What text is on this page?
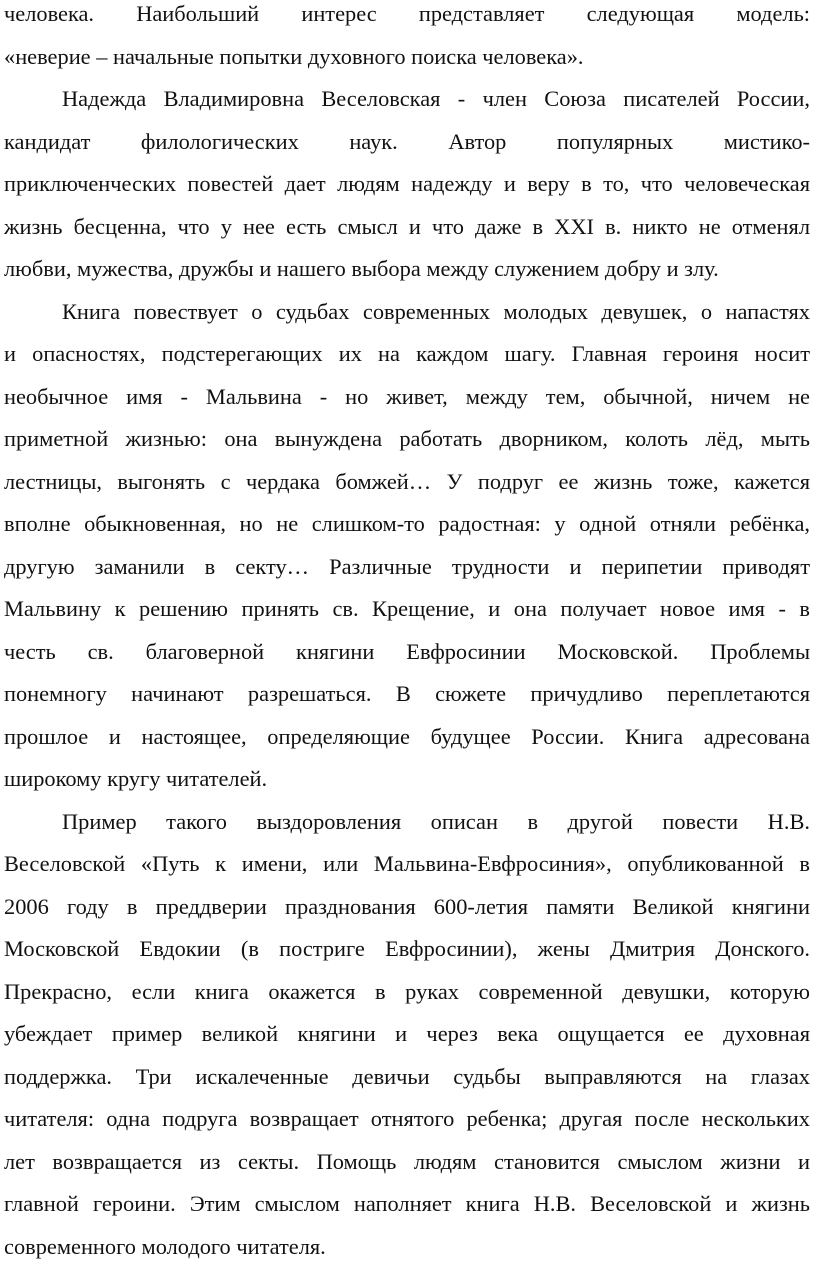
человека. Наибольший интерес представляет следующая модель:
«неверие – начальные попытки духовного поиска человека».
Надежда Владимировна Веселовская - член Союза писателей России,
кандидат филологических наук. Автор популярных мистико-
приключенческих повестей дает людям надежду и веру в то, что человеческая
жизнь бесценна, что у нее есть смысл и что даже в XXI в. никто не отменял
любви, мужества, дружбы и нашего выбора между служением добру и злу.
Книга повествует о судьбах современных молодых девушек, о напастях
и опасностях, подстерегающих их на каждом шагу. Главная героиня носит
необычное имя - Мальвина - но живет, между тем, обычной, ничем не
приметной жизнью: она вынуждена работать дворником, колоть лёд, мыть
лестницы, выгонять с чердака бомжей… У подруг ее жизнь тоже, кажется
вполне обыкновенная, но не слишком-то радостная: у одной отняли ребёнка,
другую заманили в секту… Различные трудности и перипетии приводят
Мальвину к решению принять св. Крещение, и она получает новое имя - в
честь св. благоверной княгини Евфросинии Московской. Проблемы
понемногу начинают разрешаться. В сюжете причудливо переплетаются
прошлое и настоящее, определяющие будущее России. Книга адресована
широкому кругу читателей.
Пример такого выздоровления описан в другой повести Н.В.
Веселовской «Путь к имени, или Мальвина-Евфросиния», опубликованной в
2006 году в преддверии празднования 600-летия памяти Великой княгини
Московской Евдокии (в постриге Евфросинии), жены Дмитрия Донского.
Прекрасно, если книга окажется в руках современной девушки, которую
убеждает пример великой княгини и через века ощущается ее духовная
поддержка. Три искалеченные девичьи судьбы выправляются на глазах
читателя: одна подруга возвращает отнятого ребенка; другая после нескольких
лет возвращается из секты. Помощь людям становится смыслом жизни и
главной героини. Этим смыслом наполняет книга Н.В. Веселовской и жизнь
современного молодого читателя.
